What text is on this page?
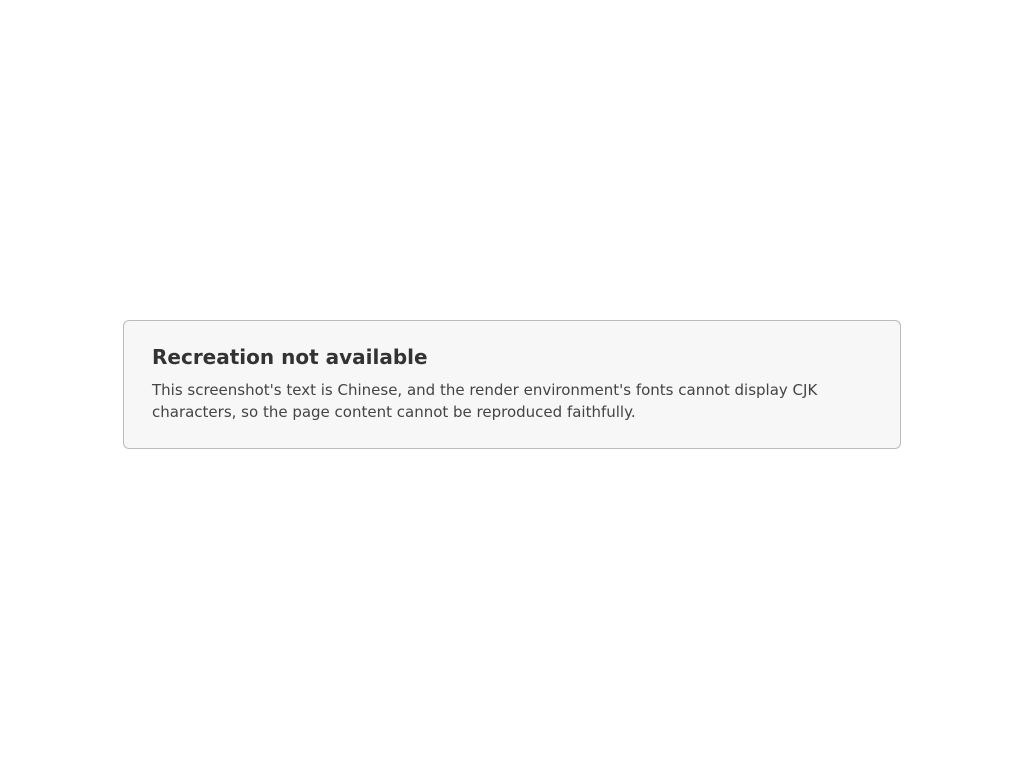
Recreation not available

This screenshot's text is Chinese, and the render environment's fonts cannot display CJK characters, so the page content cannot be reproduced faithfully.
